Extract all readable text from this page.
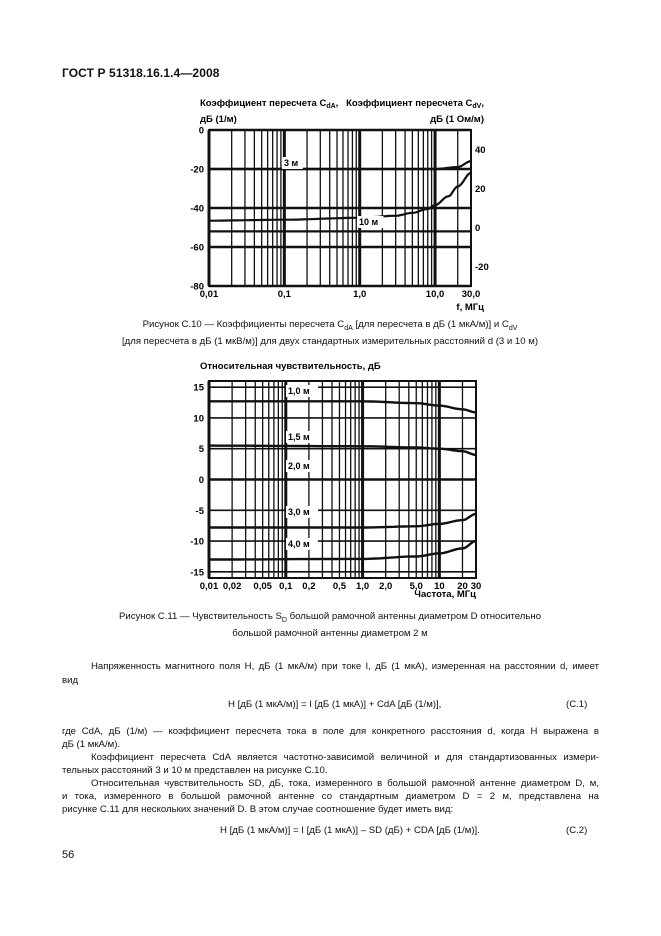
ГОСТ Р 51318.16.1.4—2008
Коэффициент пересчета $C_{dA}$,
дБ (1/м)
Коэффициент пересчета $C_{dV}$,
дБ (1 Ом/м)
3 м
10 м
0
-20
-40
-60
-80
0,01	0,1	1,0	10,0 30,0
40
20
0
-20
f, МГц
Рисунок С.10 — Коэффициенты пересчета $C_{dA}$ [для пересчета в дБ (1 мкА/м)] и $C_{dV}$
[для пересчета в дБ (1 мкВ/м)] для двух стандартных измерительных расстояний d (3 и 10 м)
Относительная чувствительность, дБ
1,0 м
1,5 м
2,0 м
3,0 м
4,0 м
15
10
5
0
-5
-10
-15
0,01 0,02 0,05 0,1 0,2 0,5 1,0 2,0 5,0 10 20 30
Частота, МГц
Рисунок С.11 — Чувствительность $S_D$ большой рамочной антенны диаметром D относительно
большой рамочной антенны диаметром 2 м
Напряженность магнитного поля H, дБ (1 мкА/м) при токе I, дБ (1 мкА), измеренная на расстоянии d, имеет
вид
H [дБ (1 мкА/м)] = I [дБ (1 мкА)] + CdA [дБ (1/м)],	(С.1)
где CdA, дБ (1/м) — коэффициент пересчета тока в поле для конкретного расстояния d, когда H выражена в
дБ (1 мкА/м).
Коэффициент пересчета CdA является частотно-зависимой величиной и для стандартизованных измери-
тельных расстояний 3 и 10 м представлен на рисунке С.10.
Относительная чувствительность SD, дБ, тока, измеренного в большой рамочной антенне диаметром D, м,
и тока, измеренного в большой рамочной антенне со стандартным диаметром D = 2 м, представлена на
рисунке С.11 для нескольких значений D. В этом случае соотношение будет иметь вид:
H [дБ (1 мкА/м)] = I [дБ (1 мкА)] – SD (дБ) + CDA [дБ (1/м)].	(С.2)
56
